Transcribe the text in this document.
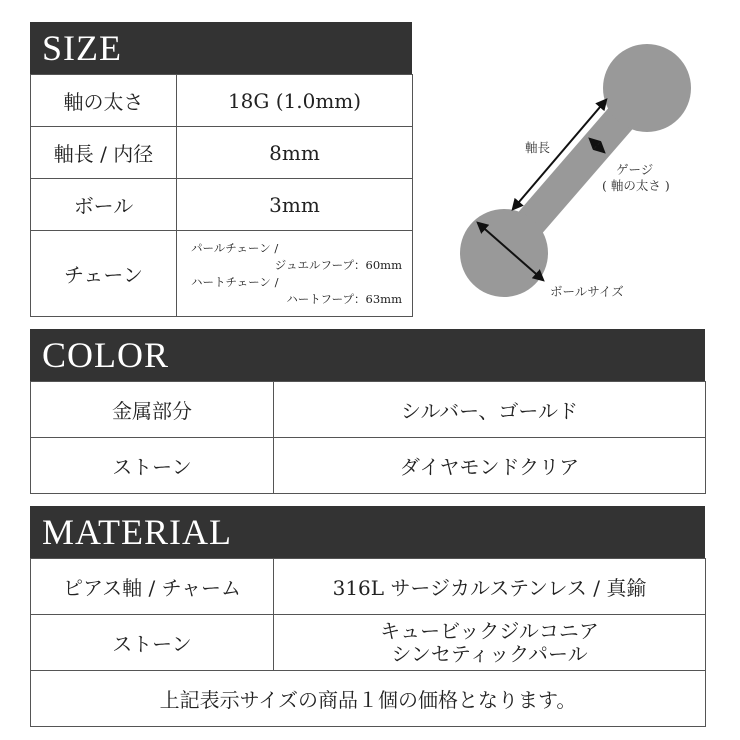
SIZE
軸の太さ	18G (1.0mm)
軸長 / 内径	8mm
ボール	3mm
チェーン	パールチェーン /
ジュエルフープ：60mm
ハートチェーン /
ハートフープ：63mm
軸長
ゲージ
( 軸の太さ )
ボールサイズ
COLOR
金属部分	シルバー、ゴールド
ストーン	ダイヤモンドクリア
MATERIAL
ピアス軸 / チャーム	316L サージカルステンレス / 真鍮
ストーン	キュービックジルコニア
シンセティックパール

上記表示サイズの商品１個の価格となります。	
